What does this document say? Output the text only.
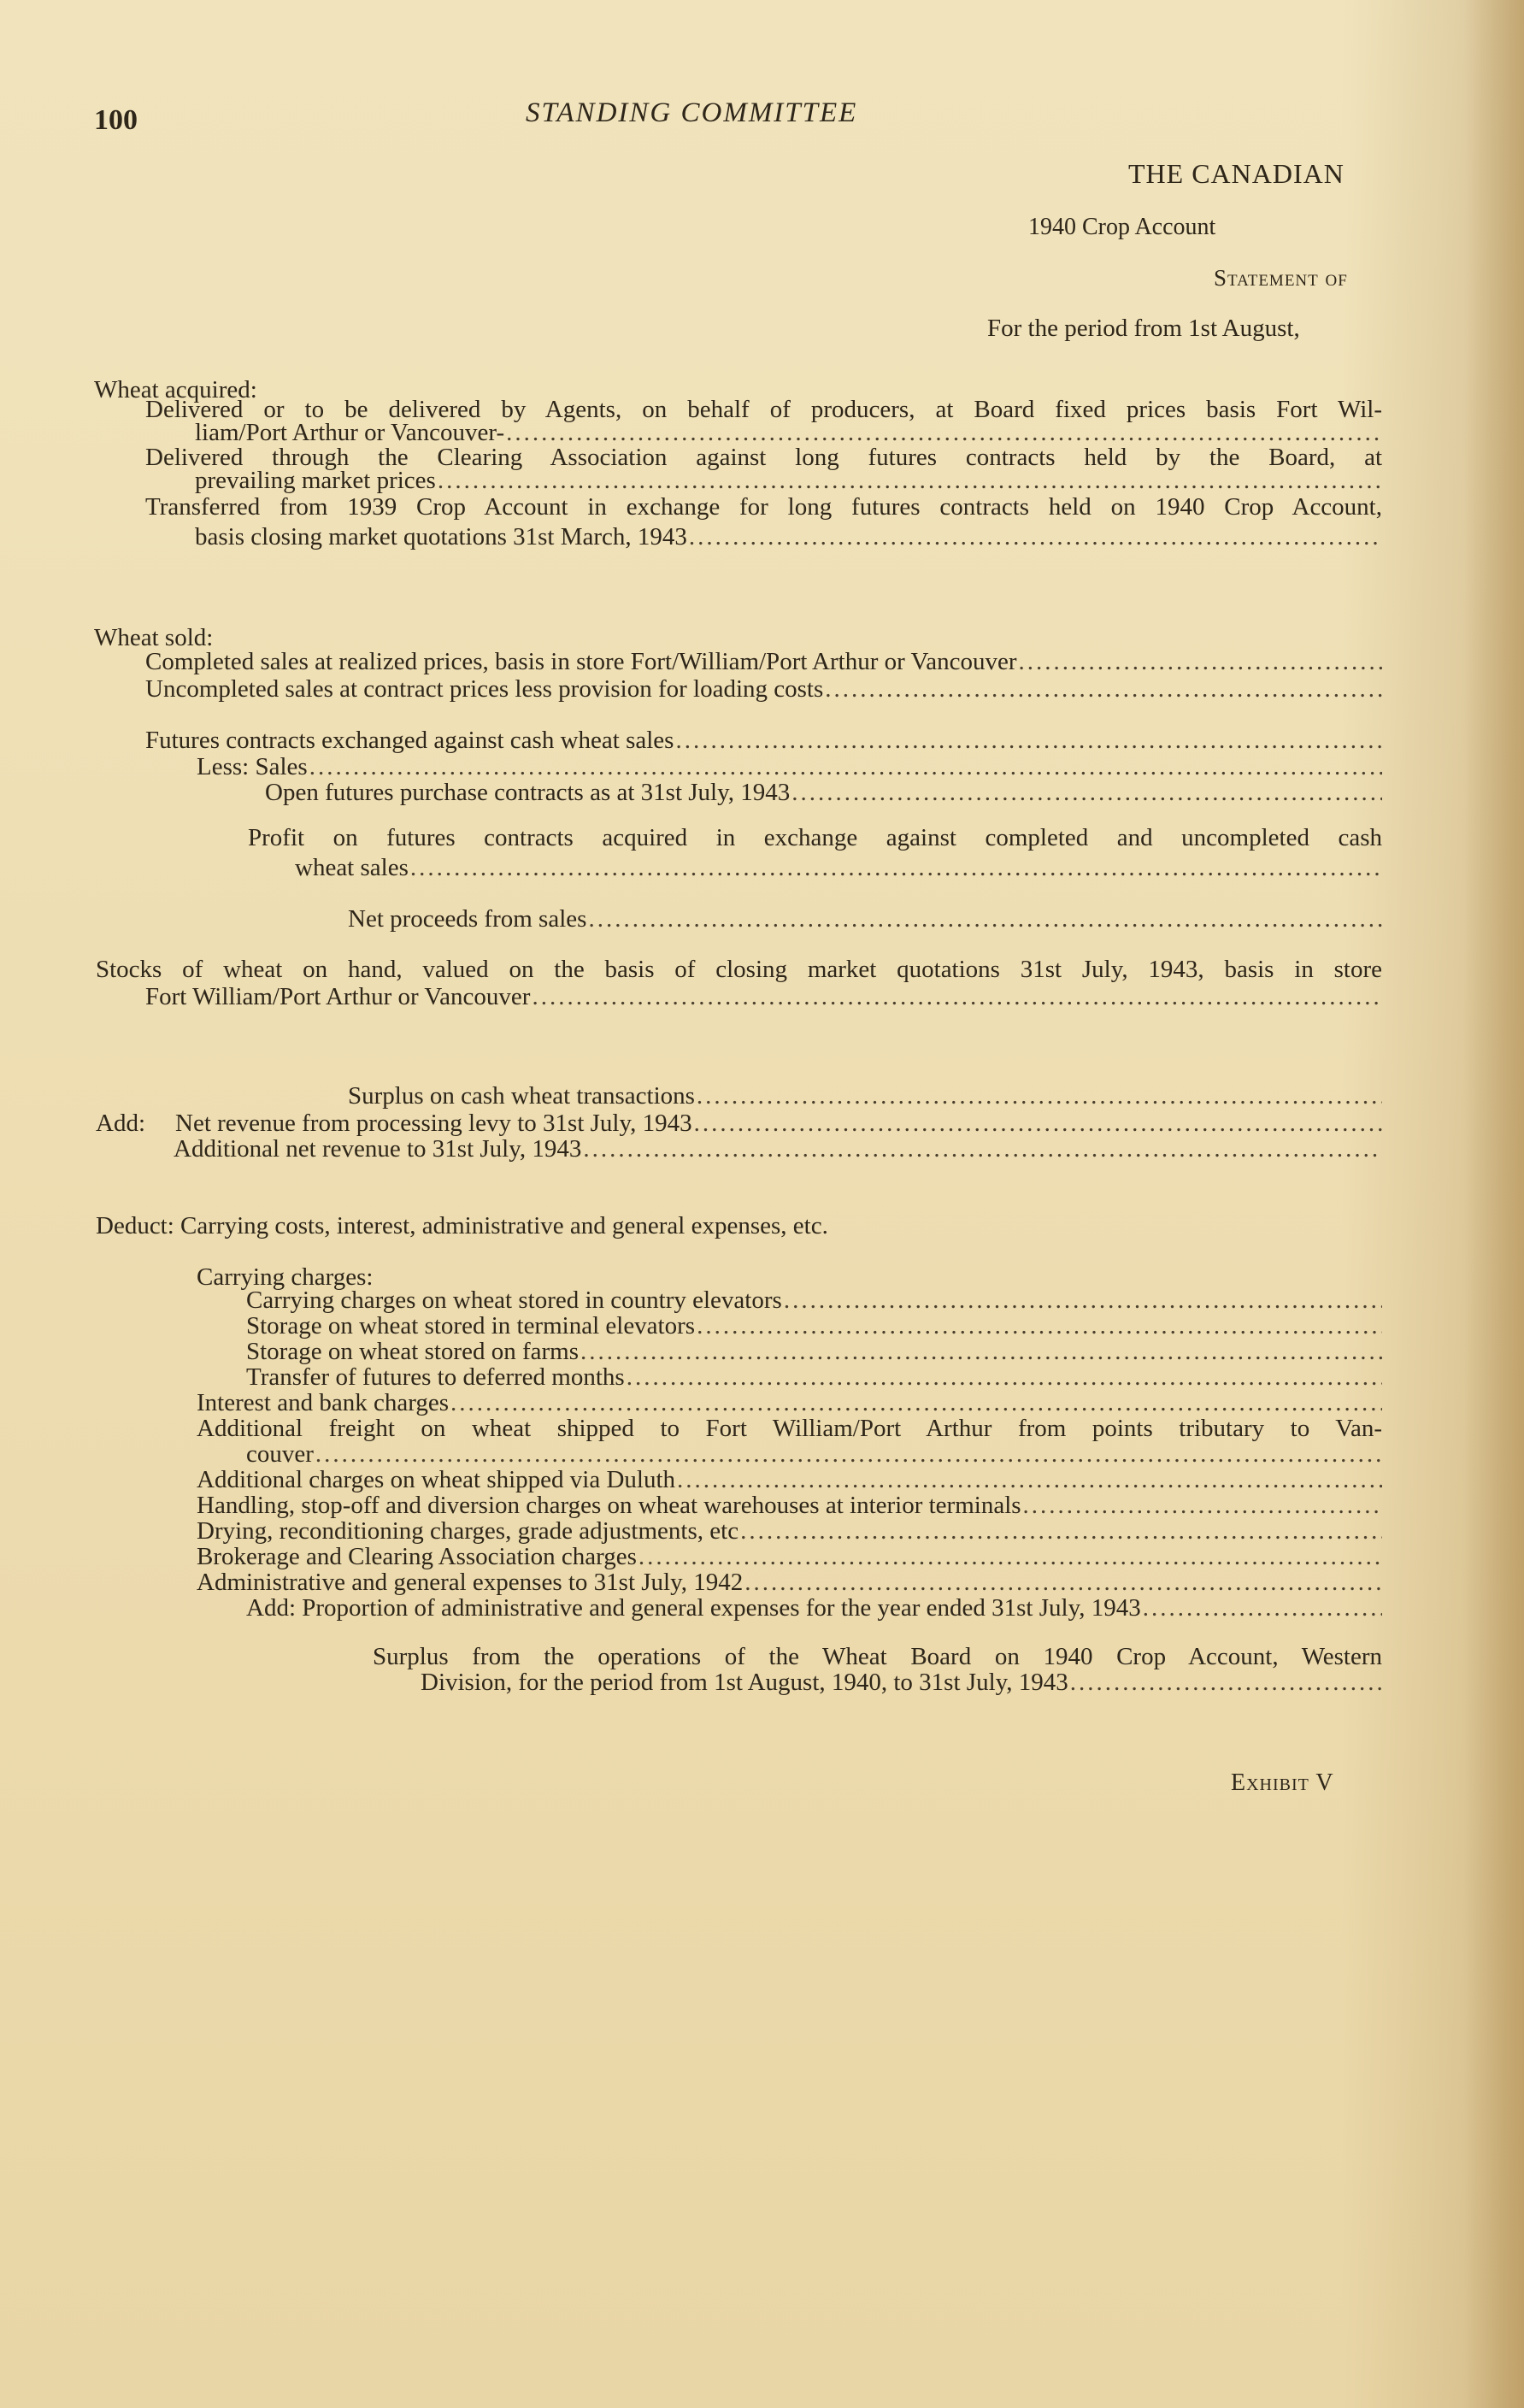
100	STANDING COMMITTEE
THE CANADIAN
1940 Crop Account
Statement of
For the period from 1st August,
Wheat acquired:
Delivered or to be delivered by Agents, on behalf of producers, at Board fixed prices basis Fort Wil-
liam/Port Arthur or Vancouver-
.....
Delivered through the Clearing Association against long futures contracts held by the Board, at
prevailing market prices
.....
Transferred from 1939 Crop Account in exchange for long futures contracts held on 1940 Crop Account,
basis closing market quotations 31st March, 1943
.....
Wheat sold:
Completed sales at realized prices, basis in store Fort/William/Port Arthur or Vancouver
.....
Uncompleted sales at contract prices less provision for loading costs
.....
Futures contracts exchanged against cash wheat sales
.....
Less: Sales
.....
Open futures purchase contracts as at 31st July, 1943
.....
Profit on futures contracts acquired in exchange against completed and uncompleted cash
wheat sales
.....
Net proceeds from sales
.....
Stocks of wheat on hand, valued on the basis of closing market quotations 31st July, 1943, basis in store
Fort William/Port Arthur or Vancouver
.....
Surplus on cash wheat transactions
.....
Add: Net revenue from processing levy to 31st July, 1943
.....
Additional net revenue to 31st July, 1943
.....
Deduct: Carrying costs, interest, administrative and general expenses, etc.
Carrying charges:
Carrying charges on wheat stored in country elevators
.....
Storage on wheat stored in terminal elevators
.....
Storage on wheat stored on farms
.....
Transfer of futures to deferred months
.....
Interest and bank charges
.....
Additional freight on wheat shipped to Fort William/Port Arthur from points tributary to Van-
couver
.....
Additional charges on wheat shipped via Duluth
.....
Handling, stop-off and diversion charges on wheat warehouses at interior terminals
.....
Drying, reconditioning charges, grade adjustments, etc
.....
Brokerage and Clearing Association charges
.....
Administrative and general expenses to 31st July, 1942
.....
Add: Proportion of administrative and general expenses for the year ended 31st July, 1943
.....
Surplus from the operations of the Wheat Board on 1940 Crop Account, Western
Division, for the period from 1st August, 1940, to 31st July, 1943
.....
Exhibit V
